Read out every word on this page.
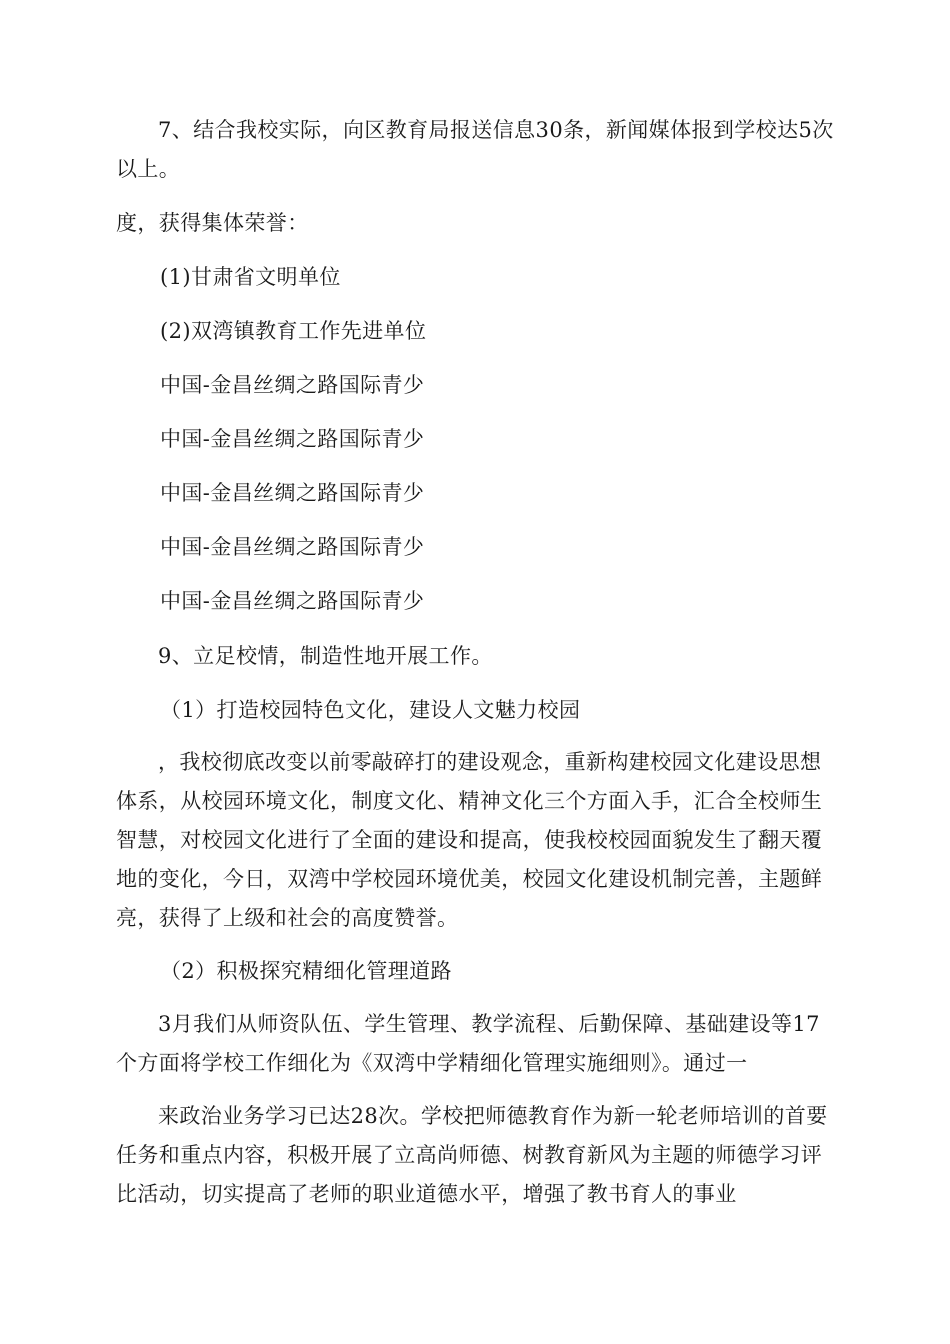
7、结合我校实际，向区教育局报送信息30条，新闻媒体报到学校达5次以上。

度，获得集体荣誉：

(1)甘肃省文明单位

(2)双湾镇教育工作先进单位

中国-金昌丝绸之路国际青少

中国-金昌丝绸之路国际青少

中国-金昌丝绸之路国际青少

中国-金昌丝绸之路国际青少

中国-金昌丝绸之路国际青少

9、立足校情，制造性地开展工作。

（1）打造校园特色文化，建设人文魅力校园

，我校彻底改变以前零敲碎打的建设观念，重新构建校园文化建设思想体系，从校园环境文化，制度文化、精神文化三个方面入手，汇合全校师生智慧，对校园文化进行了全面的建设和提高，使我校校园面貌发生了翻天覆地的变化，今日，双湾中学校园环境优美，校园文化建设机制完善，主题鲜亮，获得了上级和社会的高度赞誉。

（2）积极探究精细化管理道路

3月我们从师资队伍、学生管理、教学流程、后勤保障、基础建设等17个方面将学校工作细化为《双湾中学精细化管理实施细则》。通过一

来政治业务学习已达28次。学校把师德教育作为新一轮老师培训的首要任务和重点内容，积极开展了立高尚师德、树教育新风为主题的师德学习评比活动，切实提高了老师的职业道德水平，增强了教书育人的事业
